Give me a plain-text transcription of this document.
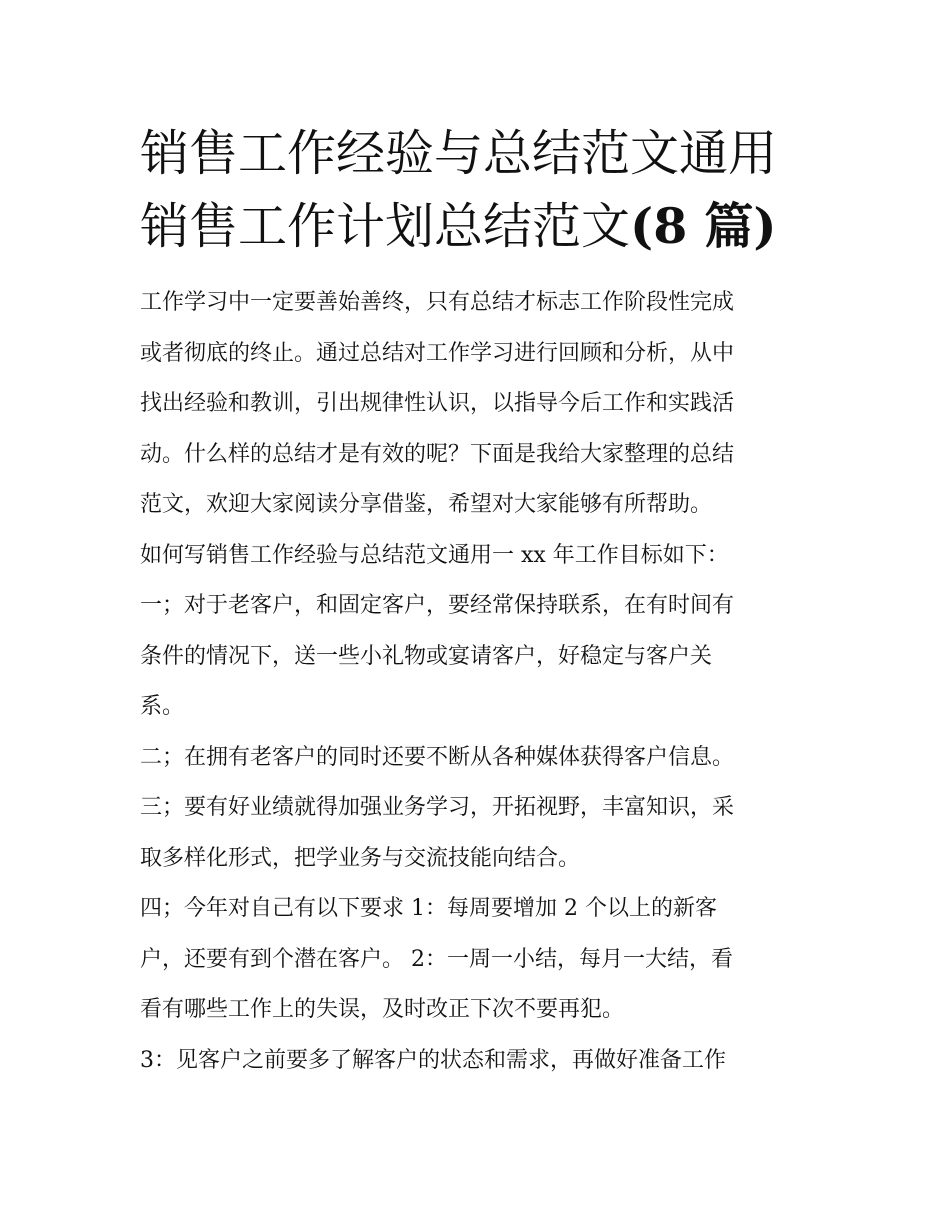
销售工作经验与总结范文通用
销售工作计划总结范文(8 篇)
工作学习中一定要善始善终，只有总结才标志工作阶段性完成
或者彻底的终止。通过总结对工作学习进行回顾和分析，从中
找出经验和教训，引出规律性认识，以指导今后工作和实践活
动。什么样的总结才是有效的呢？下面是我给大家整理的总结
范文，欢迎大家阅读分享借鉴，希望对大家能够有所帮助。
如何写销售工作经验与总结范文通用一 xx 年工作目标如下：
一；对于老客户，和固定客户，要经常保持联系，在有时间有
条件的情况下，送一些小礼物或宴请客户，好稳定与客户关
系。
二；在拥有老客户的同时还要不断从各种媒体获得客户信息。
三；要有好业绩就得加强业务学习，开拓视野，丰富知识，采
取多样化形式，把学业务与交流技能向结合。
四；今年对自己有以下要求 1：每周要增加 2 个以上的新客
户，还要有到个潜在客户。 2：一周一小结，每月一大结，看
看有哪些工作上的失误，及时改正下次不要再犯。
3：见客户之前要多了解客户的状态和需求，再做好准备工作
